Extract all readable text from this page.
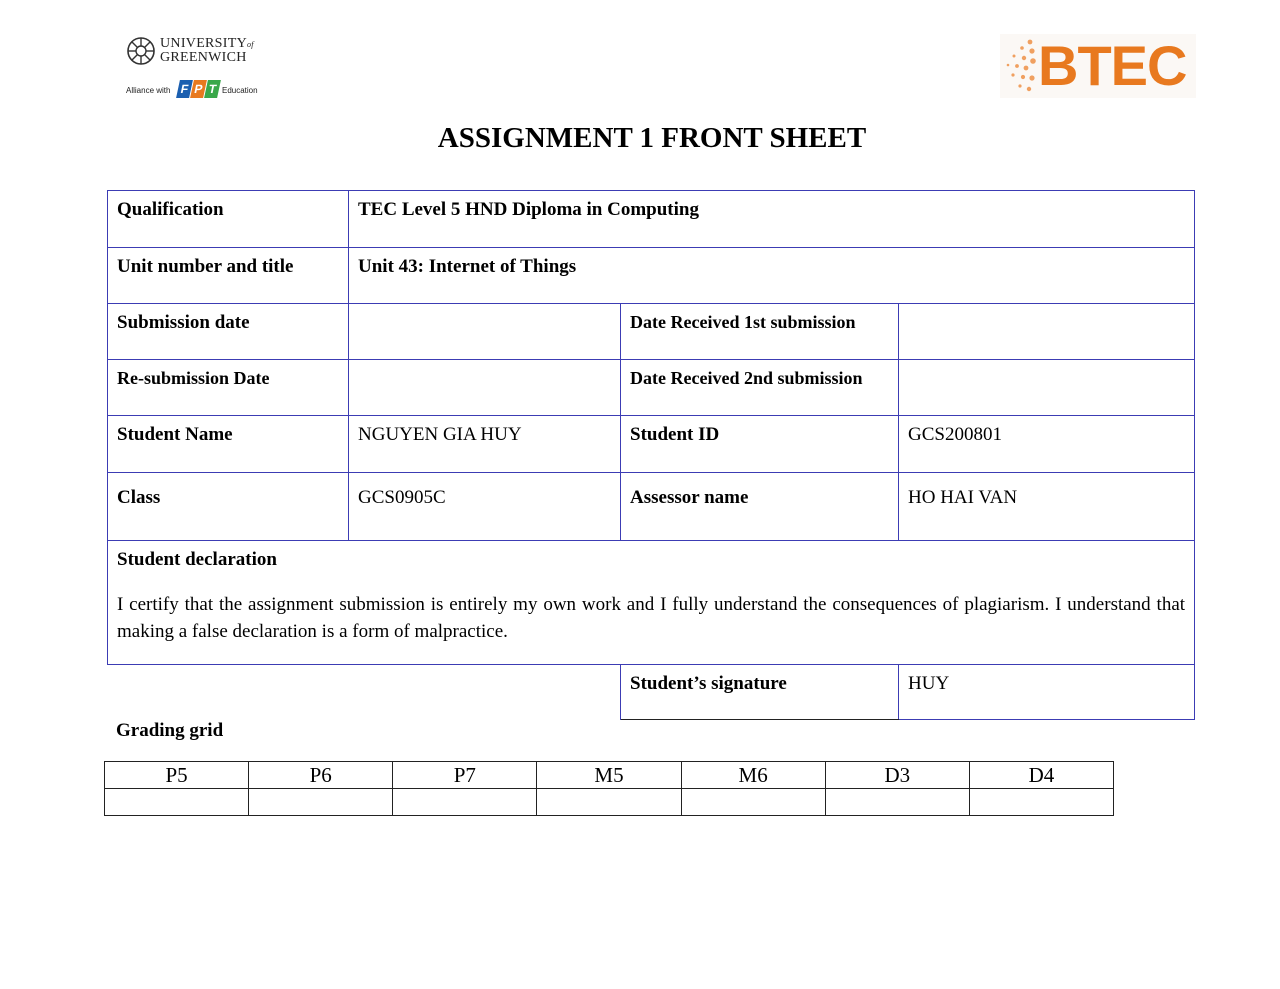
UNIVERSITYof
GREENWICH
Alliance with F P T Education	BTEC
ASSIGNMENT 1 FRONT SHEET
Qualification	TEC Level 5 HND Diploma in Computing		
Unit number and title	Unit 43: Internet of Things		
Submission date		Date Received 1st submission	
Re-submission Date		Date Received 2nd submission	
Student Name	NGUYEN GIA HUY	Student ID	GCS200801
Class	GCS0905C	Assessor name	HO HAI VAN

Student declaration
I certify that the assignment submission is entirely my own work and I fully understand the consequences of plagiarism. I understand that making a false declaration is a form of malpractice.			

		Student’s signature	HUY
Grading grid
P5	P6	P7	M5	M6	D3	D4
